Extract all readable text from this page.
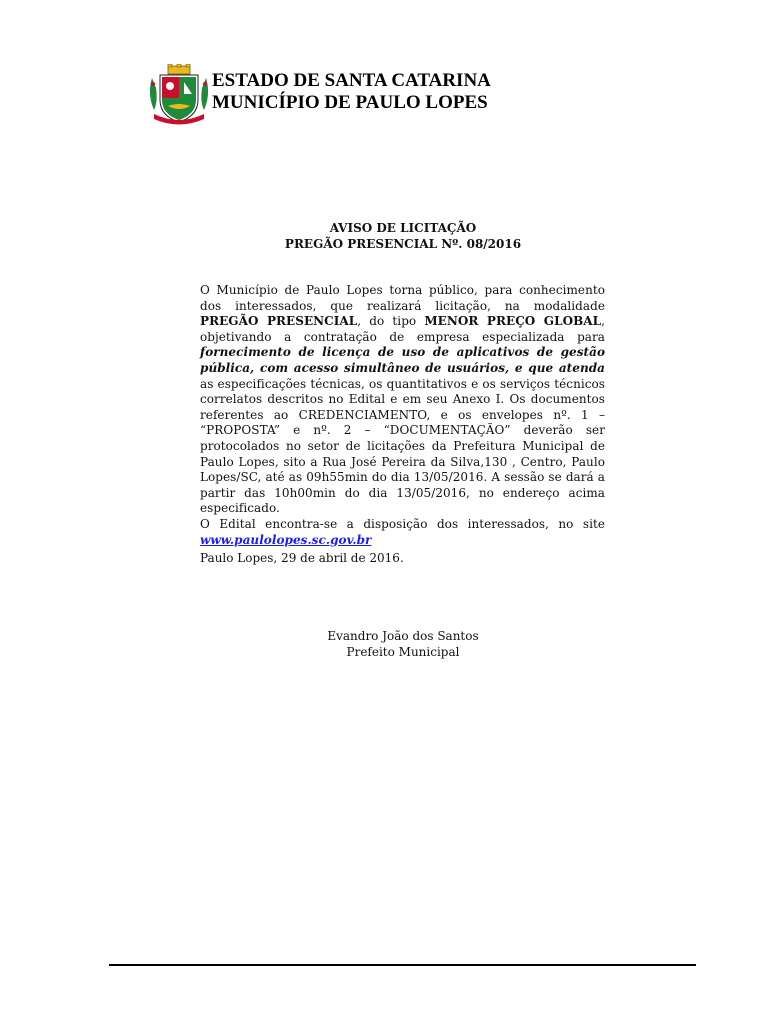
ESTADO DE SANTA CATARINA
MUNICÍPIO DE PAULO LOPES
AVISO DE LICITAÇÃO
PREGÃO PRESENCIAL Nº. 08/2016

O Município de Paulo Lopes torna público, para conhecimento dos interessados, que realizará licitação, na modalidade PREGÃO PRESENCIAL, do tipo MENOR PREÇO GLOBAL, objetivando a contratação de empresa especializada para fornecimento de licença de uso de aplicativos de gestão pública, com acesso simultâneo de usuários, e que atenda as especificações técnicas, os quantitativos e os serviços técnicos correlatos descritos no Edital e em seu Anexo I. Os documentos referentes ao CREDENCIAMENTO, e os envelopes nº. 1 – “PROPOSTA” e nº. 2 – “DOCUMENTAÇÃO” deverão ser protocolados no setor de licitações da Prefeitura Municipal de Paulo Lopes, sito a Rua José Pereira da Silva,130 , Centro, Paulo Lopes/SC, até as 09h55min do dia 13/05/2016. A sessão se dará a partir das 10h00min do dia 13/05/2016, no endereço acima especificado.

O Edital encontra-se a disposição dos interessados, no site www.paulolopes.sc.gov.br

Paulo Lopes, 29 de abril de 2016.
Evandro João dos Santos
Prefeito Municipal
